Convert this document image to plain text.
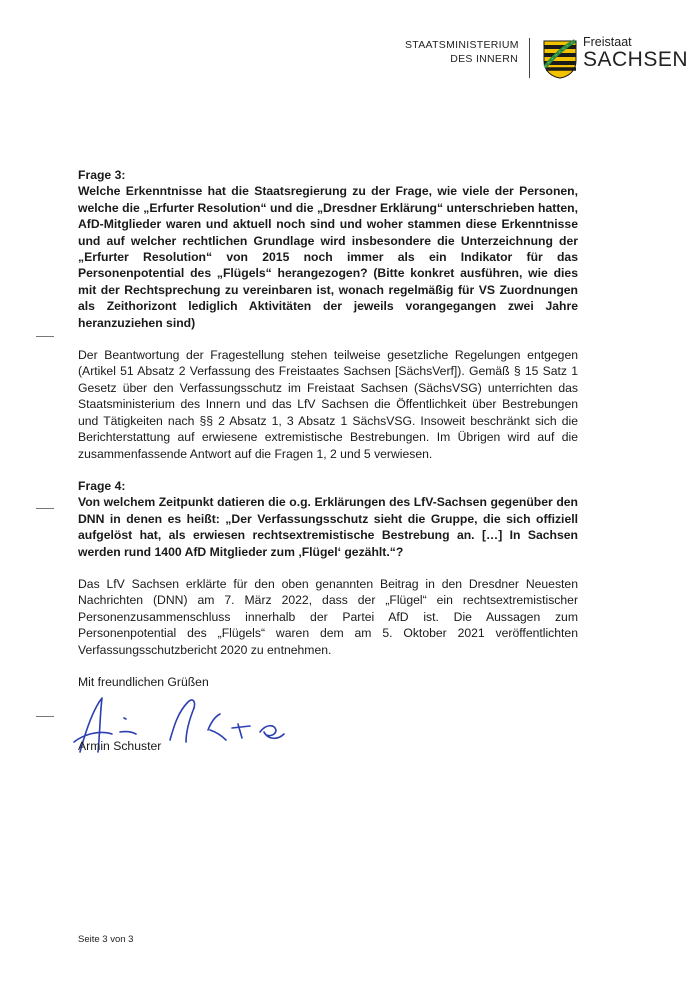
STAATSMINISTERIUM
DES INNERN
Freistaat
SACHSEN

Frage 3:

Welche Erkenntnisse hat die Staatsregierung zu der Frage, wie viele der Personen, welche die „Erfurter Resolution“ und die „Dresdner Erklärung“ unterschrieben hatten, AfD-Mitglieder waren und aktuell noch sind und woher stammen diese Erkenntnisse und auf welcher rechtlichen Grundlage wird insbesondere die Unterzeichnung der „Erfurter Resolution“ von 2015 noch immer als ein Indikator für das Personenpotential des „Flügels“ herangezogen? (Bitte konkret ausführen, wie dies mit der Rechtsprechung zu vereinbaren ist, wonach regelmäßig für VS Zuordnungen als Zeithorizont lediglich Aktivitäten der jeweils vorangegangen zwei Jahre heranzuziehen sind)

Der Beantwortung der Fragestellung stehen teilweise gesetzliche Regelungen entgegen (Artikel 51 Absatz 2 Verfassung des Freistaates Sachsen [SächsVerf]). Gemäß § 15 Satz 1 Gesetz über den Verfassungsschutz im Freistaat Sachsen (SächsVSG) unterrichten das Staatsministerium des Innern und das LfV Sachsen die Öffentlichkeit über Bestrebungen und Tätigkeiten nach §§ 2 Absatz 1, 3 Absatz 1 SächsVSG. Insoweit beschränkt sich die Berichterstattung auf erwiesene extremistische Bestrebungen. Im Übrigen wird auf die zusammenfassende Antwort auf die Fragen 1, 2 und 5 verwiesen.

Frage 4:

Von welchem Zeitpunkt datieren die o.g. Erklärungen des LfV-Sachsen gegenüber den DNN in denen es heißt: „Der Verfassungsschutz sieht die Gruppe, die sich offiziell aufgelöst hat, als erwiesen rechtsextremistische Bestrebung an. […] In Sachsen werden rund 1400 AfD Mitglieder zum ‚Flügel‘ gezählt.“?

Das LfV Sachsen erklärte für den oben genannten Beitrag in den Dresdner Neuesten Nachrichten (DNN) am 7. März 2022, dass der „Flügel“ ein rechtsextremistischer Personenzusammenschluss innerhalb der Partei AfD ist. Die Aussagen zum Personenpotential des „Flügels“ waren dem am 5. Oktober 2021 veröffentlichten Verfassungsschutzbericht 2020 zu entnehmen.

Mit freundlichen Grüßen

Armin Schuster
Seite 3 von 3
